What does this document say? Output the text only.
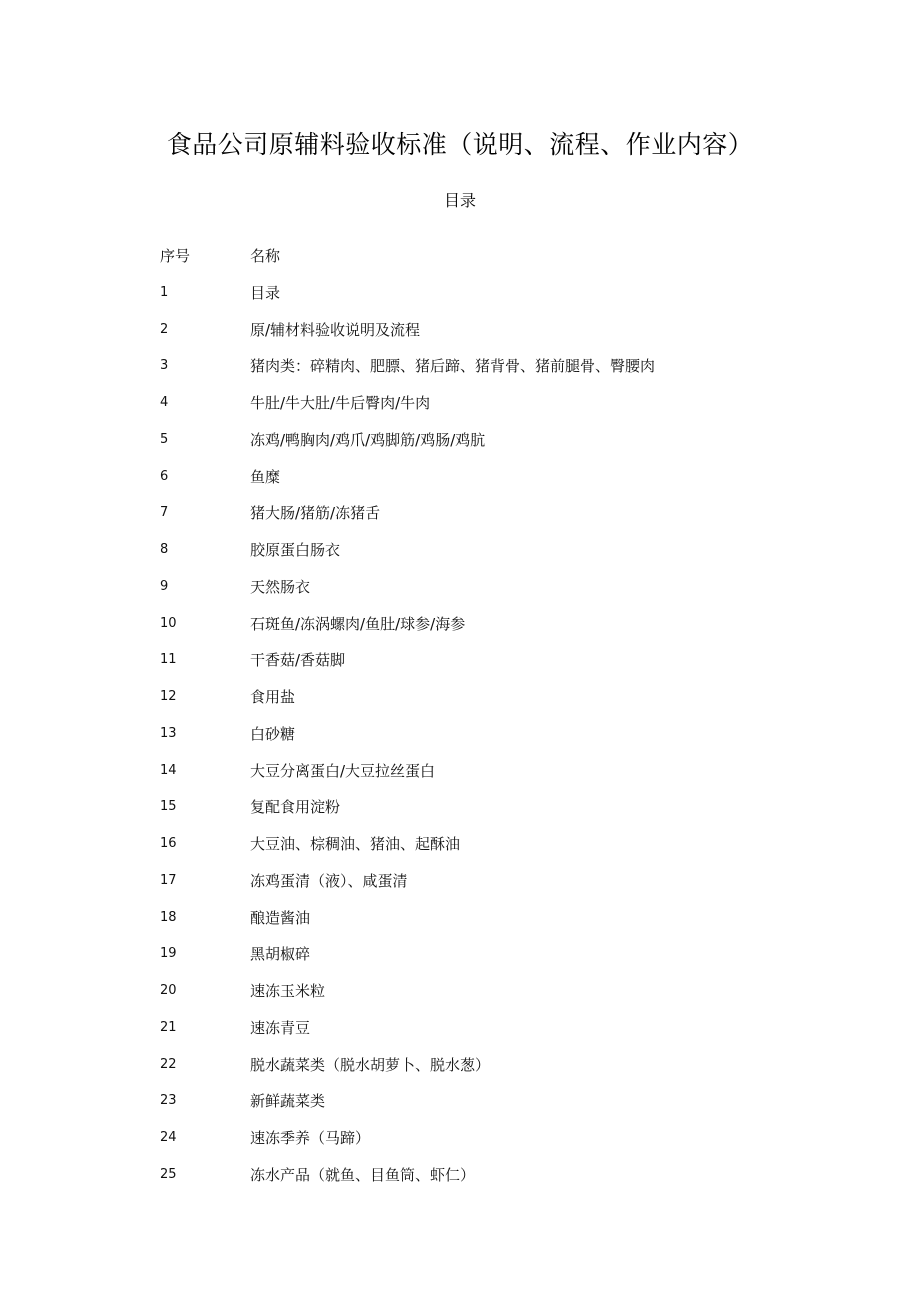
食品公司原辅料验收标准（说明、流程、作业内容）
目录
序号	名称
1	目录
2	原/辅材料验收说明及流程
3	猪肉类：碎精肉、肥膘、猪后蹄、猪背骨、猪前腿骨、臀腰肉
4	牛肚/牛大肚/牛后臀肉/牛肉
5	冻鸡/鸭胸肉/鸡爪/鸡脚筋/鸡肠/鸡肮
6	鱼糜
7	猪大肠/猪筋/冻猪舌
8	胶原蛋白肠衣
9	天然肠衣
10	石斑鱼/冻涡螺肉/鱼肚/球参/海参
11	干香菇/香菇脚
12	食用盐
13	白砂糖
14	大豆分离蛋白/大豆拉丝蛋白
15	复配食用淀粉
16	大豆油、棕稠油、猪油、起酥油
17	冻鸡蛋清（液）、咸蛋清
18	酿造酱油
19	黑胡椒碎
20	速冻玉米粒
21	速冻青豆
22	脱水蔬菜类（脱水胡萝卜、脱水葱）
23	新鲜蔬菜类
24	速冻季养（马蹄）
25	冻水产品（就鱼、目鱼筒、虾仁）
